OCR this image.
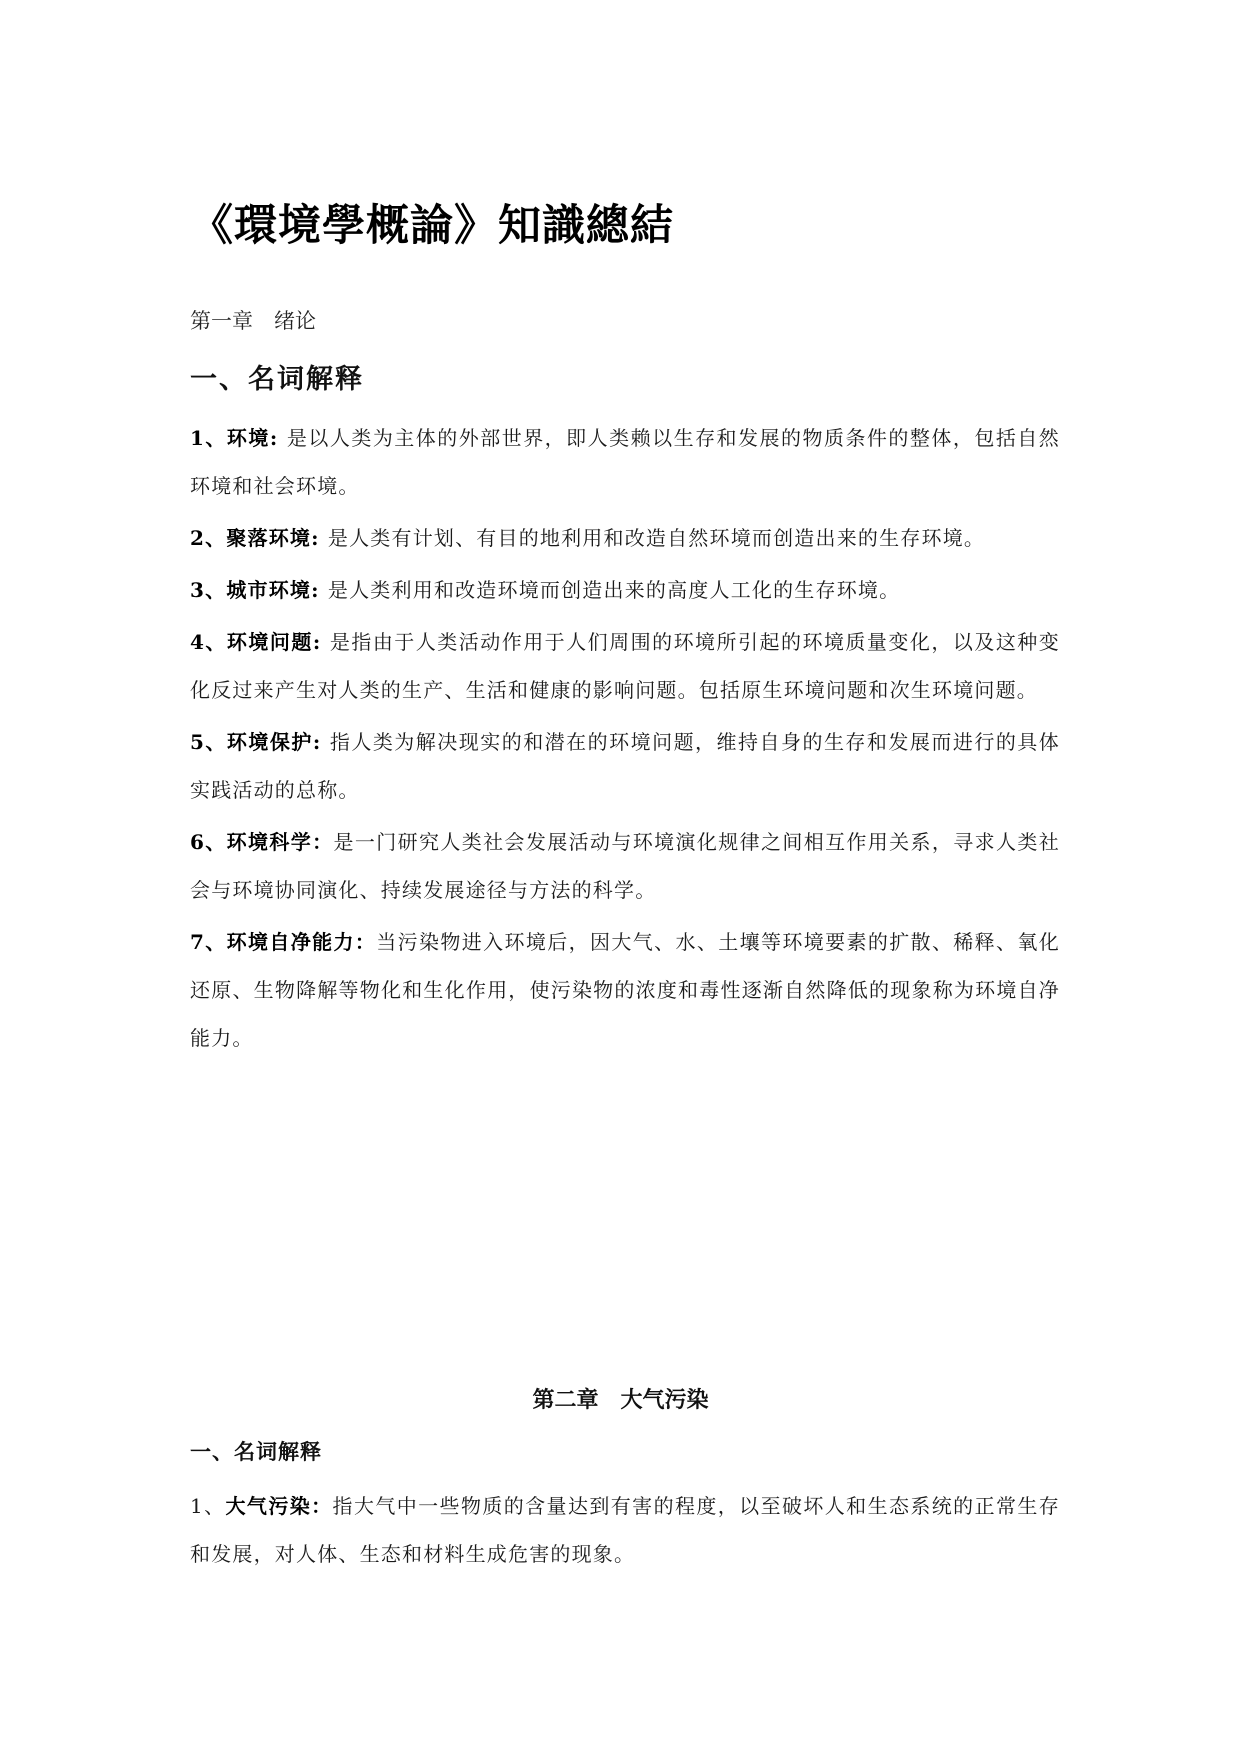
《環境學概論》知識總結
第一章　绪论
一、名词解释

1、环境: 是以人类为主体的外部世界，即人类赖以生存和发展的物质条件的整体，包括自然环境和社会环境。

2、聚落环境: 是人类有计划、有目的地利用和改造自然环境而创造出来的生存环境。

3、城市环境: 是人类利用和改造环境而创造出来的高度人工化的生存环境。

4、环境问题: 是指由于人类活动作用于人们周围的环境所引起的环境质量变化，以及这种变化反过来产生对人类的生产、生活和健康的影响问题。包括原生环境问题和次生环境问题。

5、环境保护: 指人类为解决现实的和潜在的环境问题，维持自身的生存和发展而进行的具体实践活动的总称。

6、环境科学：是一门研究人类社会发展活动与环境演化规律之间相互作用关系，寻求人类社会与环境协同演化、持续发展途径与方法的科学。

7、环境自净能力：当污染物进入环境后，因大气、水、土壤等环境要素的扩散、稀释、氧化还原、生物降解等物化和生化作用，使污染物的浓度和毒性逐渐自然降低的现象称为环境自净能力。

第二章　大气污染
一、名词解释

1、大气污染：指大气中一些物质的含量达到有害的程度，以至破坏人和生态系统的正常生存和发展，对人体、生态和材料生成危害的现象。
